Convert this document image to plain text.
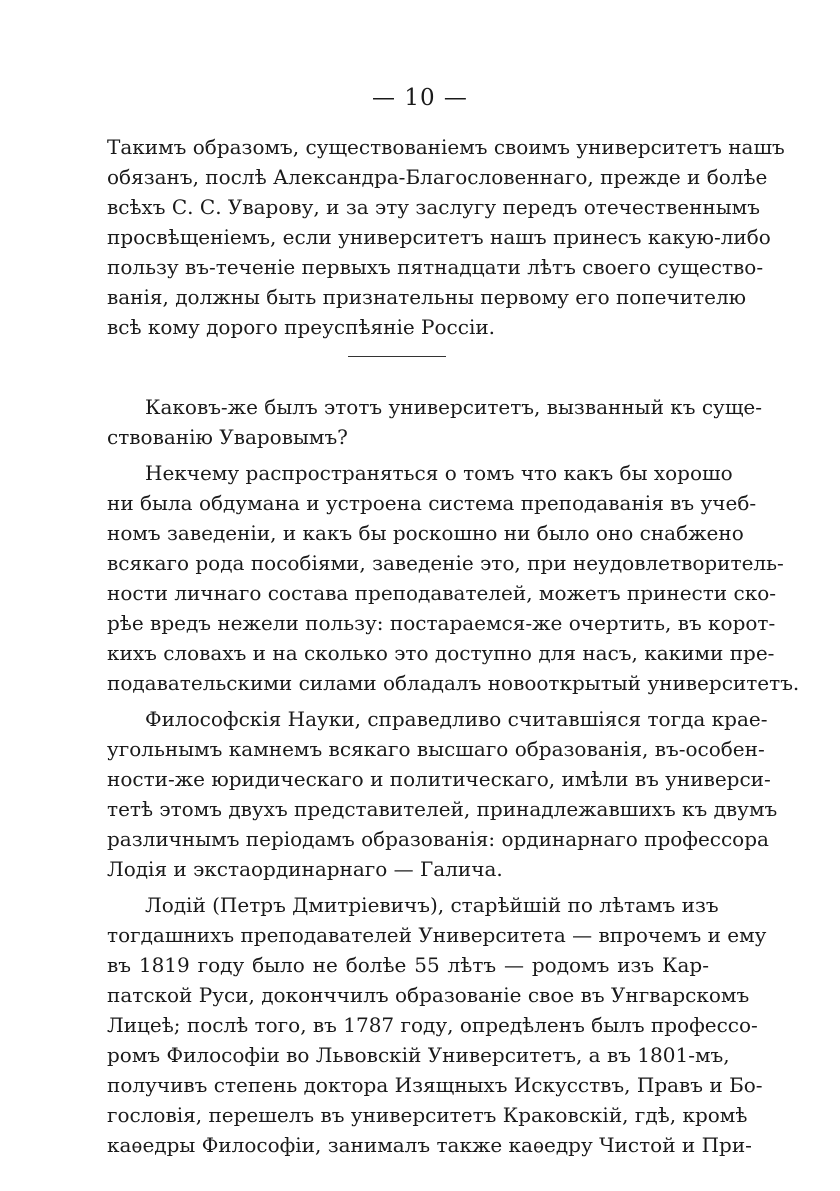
— 10 —

Такимъ образомъ, существованіемъ своимъ университетъ нашъ
обязанъ, послѣ Александра-Благословеннаго, прежде и болѣе
всѣхъ С. С. Уварову, и за эту заслугу передъ отечественнымъ
просвѣщеніемъ, если университетъ нашъ принесъ какую-либо
пользу въ-теченіе первыхъ пятнадцати лѣтъ своего существо-
ванія, должны быть признательны первому его попечителю
всѣ кому дорого преуспѣяніе Россіи.

Каковъ-же былъ этотъ университетъ, вызванный къ суще-
ствованію Уваровымъ?

Некчему распространяться о томъ что какъ бы хорошо
ни была обдумана и устроена система преподаванія въ учеб-
номъ заведеніи, и какъ бы роскошно ни было оно снабжено
всякаго рода пособіями, заведеніе это, при неудовлетворитель-
ности личнаго состава преподавателей, можетъ принести ско-
рѣе вредъ нежели пользу: постараемся-же очертить, въ корот-
кихъ словахъ и на сколько это доступно для насъ, какими пре-
подавательскими силами обладалъ новооткрытый университетъ.

Философскія Науки, справедливо считавшіяся тогда крае-
угольнымъ камнемъ всякаго высшаго образованія, въ-особен-
ности-же юридическаго и политическаго, имѣли въ универси-
тетѣ этомъ двухъ представителей, принадлежавшихъ къ двумъ
различнымъ періодамъ образованія: ординарнаго профессора
Лодія и экстаординарнаго — Галича.

Лодій (Петръ Дмитріевичъ), старѣйшій по лѣтамъ изъ
тогдашнихъ преподавателей Университета — впрочемъ и ему
въ 1819 году было не болѣе 55 лѣтъ — родомъ изъ Кар-
патской Руси, доконччилъ образованіе свое въ Унгварскомъ
Лицеѣ; послѣ того, въ 1787 году, опредѣленъ былъ профессо-
ромъ Философіи во Львовскій Университетъ, а въ 1801-мъ,
получивъ степень доктора Изящныхъ Искусствъ, Правъ и Бо-
гословія, перешелъ въ университетъ Краковскій, гдѣ, кромѣ
каѳедры Философіи, занималъ также каѳедру Чистой и При-
